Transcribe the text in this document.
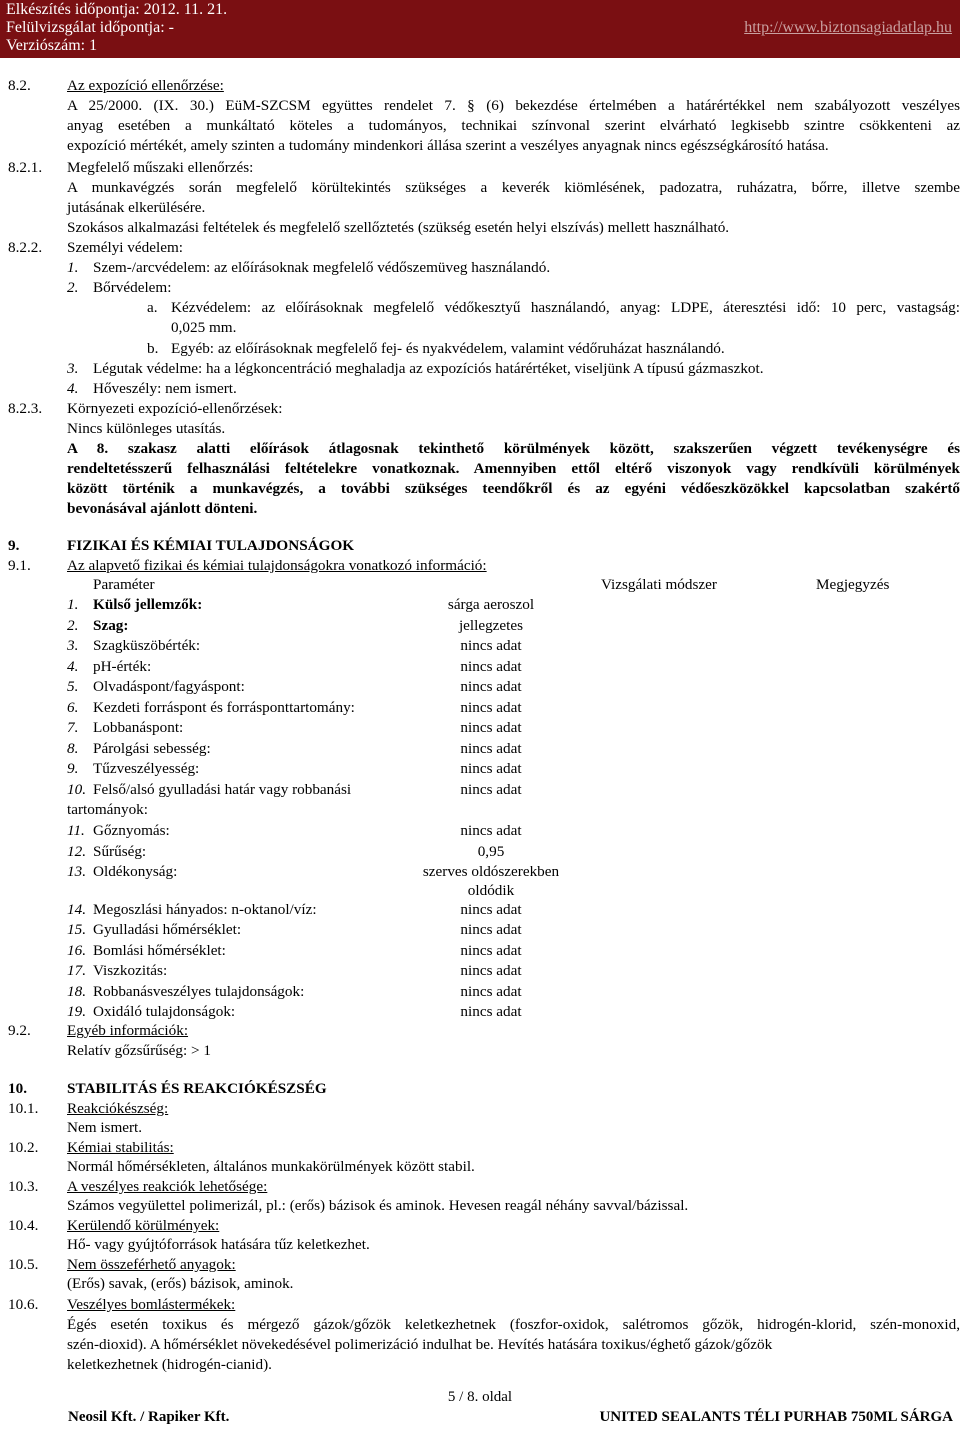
Elkészítés időpontja: 2012. 11. 21.
Felülvizsgálat időpontja: -
Verziószám: 1
http://www.biztonsagiadatlap.hu
8.2. Az expozíció ellenőrzése:
A 25/2000. (IX. 30.) EüM-SZCSM együttes rendelet 7. § (6) bekezdése értelmében a határértékkel nem szabályozott veszélyes
anyag esetében a munkáltató köteles a tudományos, technikai színvonal szerint elvárható legkisebb szintre csökkenteni az
expozíció mértékét, amely szinten a tudomány mindenkori állása szerint a veszélyes anyagnak nincs egészségkárosító hatása.
8.2.1. Megfelelő műszaki ellenőrzés:
A munkavégzés során megfelelő körültekintés szükséges a keverék kiömlésének, padozatra, ruházatra, bőrre, illetve szembe
jutásának elkerülésére.
Szokásos alkalmazási feltételek és megfelelő szellőztetés (szükség esetén helyi elszívás) mellett használható.
8.2.2. Személyi védelem:
1. Szem-/arcvédelem: az előírásoknak megfelelő védőszemüveg használandó.
2. Bőrvédelem:
a. Kézvédelem: az előírásoknak megfelelő védőkesztyű használandó, anyag: LDPE, áteresztési idő: 10 perc, vastagság:
0,025 mm.
b. Egyéb: az előírásoknak megfelelő fej- és nyakvédelem, valamint védőruházat használandó.
3. Légutak védelme: ha a légkoncentráció meghaladja az expozíciós határértéket, viseljünk A típusú gázmaszkot.
4. Hőveszély: nem ismert.
8.2.3. Környezeti expozíció-ellenőrzések:
Nincs különleges utasítás.
A 8. szakasz alatti előírások átlagosnak tekinthető körülmények között, szakszerűen végzett tevékenységre és
rendeltetésszerű felhasználási feltételekre vonatkoznak. Amennyiben ettől eltérő viszonyok vagy rendkívüli körülmények
között történik a munkavégzés, a további szükséges teendőkről és az egyéni védőeszközökkel kapcsolatban szakértő
bevonásával ajánlott dönteni.
9.	FIZIKAI ÉS KÉMIAI TULAJDONSÁGOK
9.1. Az alapvető fizikai és kémiai tulajdonságokra vonatkozó információ:
Paraméter	Vizsgálati módszer	Megjegyzés
1. Külső jellemzők:	sárga aeroszol
2. Szag:	jellegzetes
3. Szagküszöbérték:	nincs adat
4. pH-érték:	nincs adat
5. Olvadáspont/fagyáspont:	nincs adat
6. Kezdeti forráspont és forrásponttartomány:	nincs adat
7. Lobbanáspont:	nincs adat
8. Párolgási sebesség:	nincs adat
9. Tűzveszélyesség:	nincs adat
10. Felső/alsó gyulladási határ vagy robbanási	nincs adat
tartományok:
11. Gőznyomás:	nincs adat
12. Sűrűség:	0,95
13. Oldékonyság:	szerves oldószerekben
oldódik
14. Megoszlási hányados: n-oktanol/víz:	nincs adat
15. Gyulladási hőmérséklet:	nincs adat
16. Bomlási hőmérséklet:	nincs adat
17. Viszkozitás:	nincs adat
18. Robbanásveszélyes tulajdonságok:	nincs adat
19. Oxidáló tulajdonságok:	nincs adat
9.2. Egyéb információk:
Relatív gőzsűrűség: > 1
10.	STABILITÁS ÉS REAKCIÓKÉSZSÉG
10.1. Reakciókészség:
Nem ismert.
10.2. Kémiai stabilitás:
Normál hőmérsékleten, általános munkakörülmények között stabil.
10.3. A veszélyes reakciók lehetősége:
Számos vegyülettel polimerizál, pl.: (erős) bázisok és aminok. Hevesen reagál néhány savval/bázissal.
10.4. Kerülendő körülmények:
Hő- vagy gyújtóforrások hatására tűz keletkezhet.
10.5. Nem összeférhető anyagok:
(Erős) savak, (erős) bázisok, aminok.
10.6. Veszélyes bomlástermékek:
Égés esetén toxikus és mérgező gázok/gőzök keletkezhetnek (foszfor-oxidok, salétromos gőzök, hidrogén-klorid, szén-monoxid,
szén-dioxid). A hőmérséklet növekedésével polimerizáció indulhat be. Hevítés hatására toxikus/éghető gázok/gőzök
keletkezhetnek (hidrogén-cianid).
5 / 8. oldal
Neosil Kft. / Rapiker Kft.	UNITED SEALANTS TÉLI PURHAB 750ML SÁRGA
